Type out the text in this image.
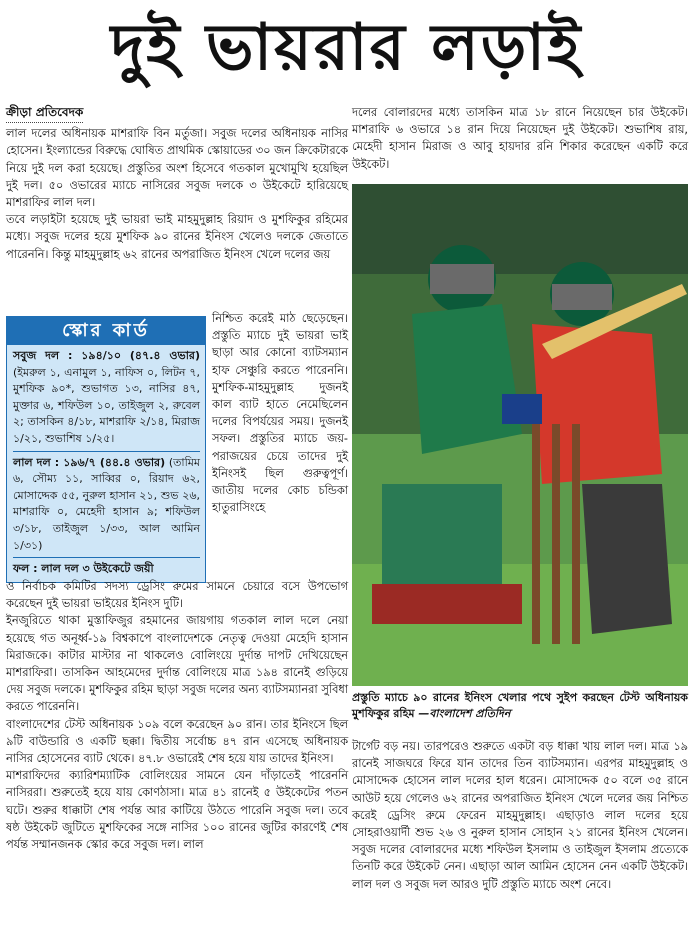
দুই ভায়রার লড়াই
ক্রীড়া প্রতিবেদক

লাল দলের অধিনায়ক মাশরাফি বিন মর্তুজা। সবুজ দলের অধিনায়ক নাসির হোসেন। ইংল্যান্ডের বিরুদ্ধে ঘোষিত প্রাথমিক স্কোয়াডের ৩০ জন ক্রিকেটারকে নিয়ে দুই দল করা হয়েছে। প্রস্তুতির অংশ হিসেবে গতকাল মুখোমুখি হয়েছিল দুই দল। ৫০ ওভারের ম্যাচে নাসিরের সবুজ দলকে ৩ উইকেটে হারিয়েছে মাশরাফির লাল দল।

তবে লড়াইটা হয়েছে দুই ভায়রা ভাই মাহমুদুল্লাহ রিয়াদ ও মুশফিকুর রহিমের মধ্যে। সবুজ দলের হয়ে মুশফিক ৯০ রানের ইনিংস খেলেও দলকে জেতাতে পারেননি। কিন্তু মাহমুদুল্লাহ ৬২ রানের অপরাজিত ইনিংস খেলে দলের জয়

স্কোর কার্ড
সবুজ দল : ১৯৪/১০ (৪৭.৪ ওভার) (ইমরুল ১, এনামুল ১, নাফিস ০, লিটন ৭, মুশফিক ৯০*, শুভাগত ১৩, নাসির ৪৭, মুক্তার ৬, শফিউল ১০, তাইজুল ২, রুবেল ২; তাসকিন ৪/১৮, মাশরাফি ২/১৪, মিরাজ ১/২১, শুভাশিষ ১/২৫।
লাল দল : ১৯৬/৭ (৪৪.৪ ওভার) (তামিম ৬, সৌম্য ১১, সাব্বির ০, রিয়াদ ৬২, মোসাদ্দেক ৫৫, নুরুল হাসান ২১, শুভ ২৬, মাশরাফি ০, মেহেদী হাসান ৯; শফিউল ৩/১৮, তাইজুল ১/৩৩, আল আমিন ১/৩১)
ফল : লাল দল ৩ উইকেটে জয়ী

নিশ্চিত করেই মাঠ ছেড়েছেন। প্রস্তুতি ম্যাচে দুই ভায়রা ভাই ছাড়া আর কোনো ব্যাটসম্যান হাফ সেঞ্চুরি করতে পারেননি। মুশফিক-মাহমুদুল্লাহ দুজনই কাল ব্যাট হাতে নেমেছিলেন দলের বিপর্যয়ের সময়। দুজনই সফল। প্রস্তুতির ম্যাচে জয়-পরাজয়ের চেয়ে তাদের দুই ইনিংসই ছিল গুরুত্বপূর্ণ। জাতীয় দলের কোচ চন্ডিকা হাতুরাসিংহে

ও নির্বাচক কমিটির সদস্য ড্রেসিং রুমের সামনে চেয়ারে বসে উপভোগ করেছেন দুই ভায়রা ভাইয়ের ইনিংস দুটি।

ইনজুরিতে থাকা মুস্তাফিজুর রহমানের জায়গায় গতকাল লাল দলে নেয়া হয়েছে গত অনূর্ধ্ব-১৯ বিশ্বকাপে বাংলাদেশকে নেতৃত্ব দেওয়া মেহেদি হাসান মিরাজকে। কাটার মাস্টার না থাকলেও বোলিংয়ে দুর্দান্ত দাপট দেখিয়েছেন মাশরাফিরা। তাসকিন আহমেদের দুর্দান্ত বোলিংয়ে মাত্র ১৯৪ রানেই গুড়িয়ে দেয় সবুজ দলকে। মুশফিকুর রহিম ছাড়া সবুজ দলের অন্য ব্যাটসম্যানরা সুবিধা করতে পারেননি।

বাংলাদেশের টেস্ট অধিনায়ক ১০৯ বলে করেছেন ৯০ রান। তার ইনিংসে ছিল ৯টি বাউন্ডারি ও একটি ছক্কা। দ্বিতীয় সর্বোচ্চ ৪৭ রান এসেছে অধিনায়ক নাসির হোসেনের ব্যাট থেকে। ৪৭.৮ ওভারেই শেষ হয়ে যায় তাদের ইনিংস।

মাশরাফিদের ক্যারিশম্যাটিক বোলিংয়ের সামনে যেন দাঁড়াতেই পারেননি নাসিররা। শুরুতেই হয়ে যায় কোণঠাসা। মাত্র ৪১ রানেই ৫ উইকেটের পতন ঘটে। শুরুর ধাক্কাটা শেষ পর্যন্ত আর কাটিয়ে উঠতে পারেনি সবুজ দল। তবে ষষ্ঠ উইকেট জুটিতে মুশফিকের সঙ্গে নাসির ১০০ রানের জুটির কারণেই শেষ পর্যন্ত সম্মানজনক স্কোর করে সবুজ দল। লাল

দলের বোলারদের মধ্যে তাসকিন মাত্র ১৮ রানে নিয়েছেন চার উইকেট। মাশরাফি ৬ ওভারে ১৪ রান দিয়ে নিয়েছেন দুই উইকেট। শুভাশিষ রায়, মেহেদী হাসান মিরাজ ও আবু হায়দার রনি শিকার করেছেন একটি করে উইকেট।

প্রস্তুতি ম্যাচে ৯০ রানের ইনিংস খেলার পথে সুইপ করছেন টেস্ট অধিনায়ক মুশফিকুর রহিম —বাংলাদেশ প্রতিদিন

টার্গেট বড় নয়। তারপরেও শুরুতে একটা বড় ধাক্কা খায় লাল দল। মাত্র ১৯ রানেই সাজঘরে ফিরে যান তাদের তিন ব্যাটসম্যান। এরপর মাহমুদুল্লাহ ও মোসাদ্দেক হোসেন লাল দলের হাল ধরেন। মোসাদ্দেক ৫০ বলে ৩৫ রানে আউট হয়ে গেলেও ৬২ রানের অপরাজিত ইনিংস খেলে দলের জয় নিশ্চিত করেই ড্রেসিং রুমে ফেরেন মাহমুদুল্লাহ। এছাড়াও লাল দলের হয়ে সোহরাওয়ার্দী শুভ ২৬ ও নুরুল হাসান সোহান ২১ রানের ইনিংস খেলেন। সবুজ দলের বোলারদের মধ্যে শফিউল ইসলাম ও তাইজুল ইসলাম প্রত্যেকে তিনটি করে উইকেট নেন। এছাড়া আল আমিন হোসেন নেন একটি উইকেট। লাল দল ও সবুজ দল আরও দুটি প্রস্তুতি ম্যাচে অংশ নেবে।
